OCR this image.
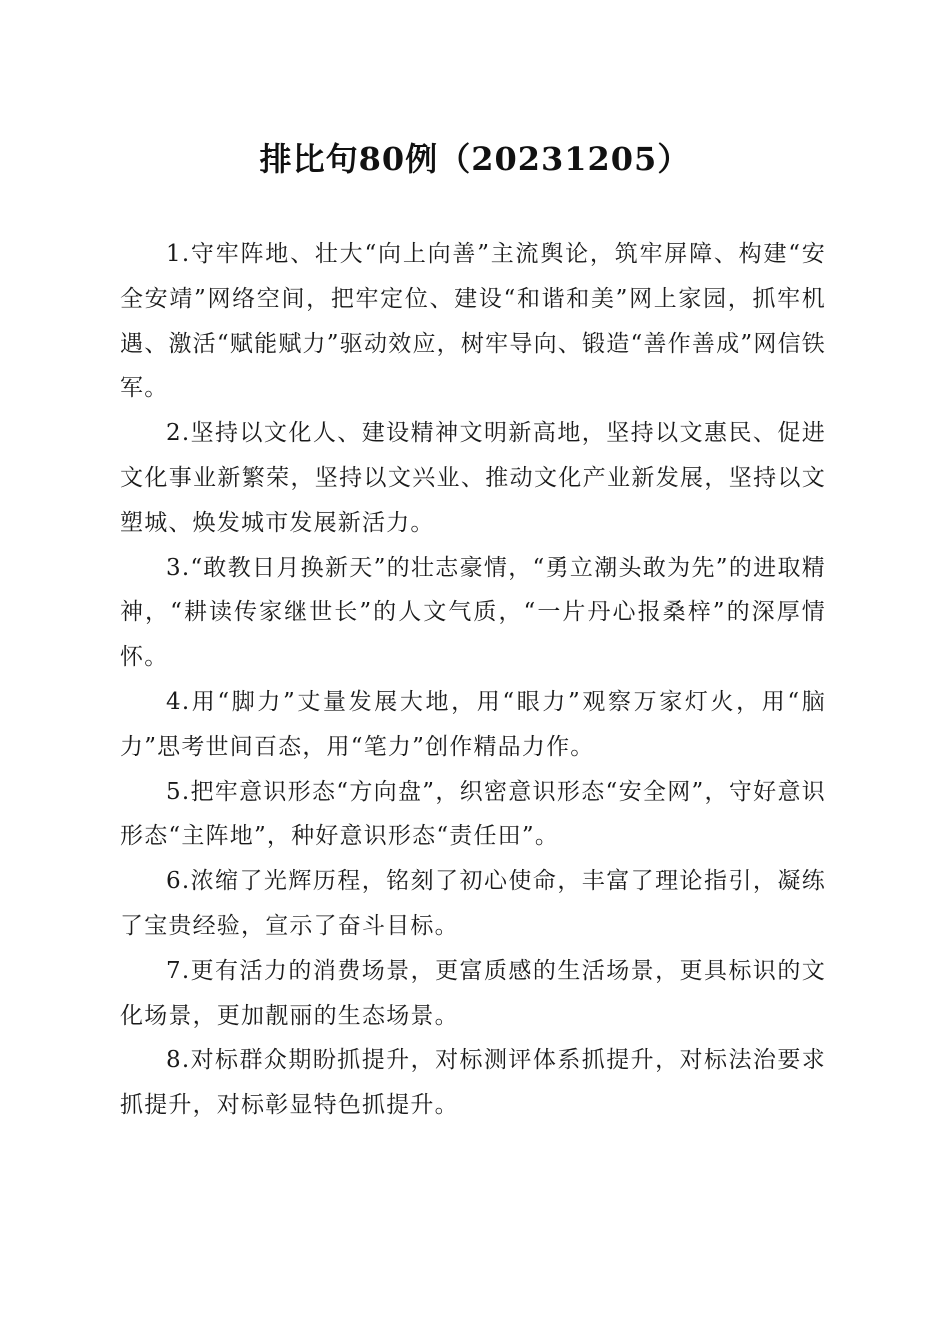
排比句80例（20231205）

1.守牢阵地、壮大“向上向善”主流舆论，筑牢屏障、构建“安全安靖”网络空间，把牢定位、建设“和谐和美”网上家园，抓牢机遇、激活“赋能赋力”驱动效应，树牢导向、锻造“善作善成”网信铁军。

2.坚持以文化人、建设精神文明新高地，坚持以文惠民、促进文化事业新繁荣，坚持以文兴业、推动文化产业新发展，坚持以文塑城、焕发城市发展新活力。

3.“敢教日月换新天”的壮志豪情，“勇立潮头敢为先”的进取精神，“耕读传家继世长”的人文气质，“一片丹心报桑梓”的深厚情怀。

4.用“脚力”丈量发展大地，用“眼力”观察万家灯火，用“脑力”思考世间百态，用“笔力”创作精品力作。

5.把牢意识形态“方向盘”，织密意识形态“安全网”，守好意识形态“主阵地”，种好意识形态“责任田”。

6.浓缩了光辉历程，铭刻了初心使命，丰富了理论指引，凝练了宝贵经验，宣示了奋斗目标。

7.更有活力的消费场景，更富质感的生活场景，更具标识的文化场景，更加靓丽的生态场景。

8.对标群众期盼抓提升，对标测评体系抓提升，对标法治要求抓提升，对标彰显特色抓提升。
